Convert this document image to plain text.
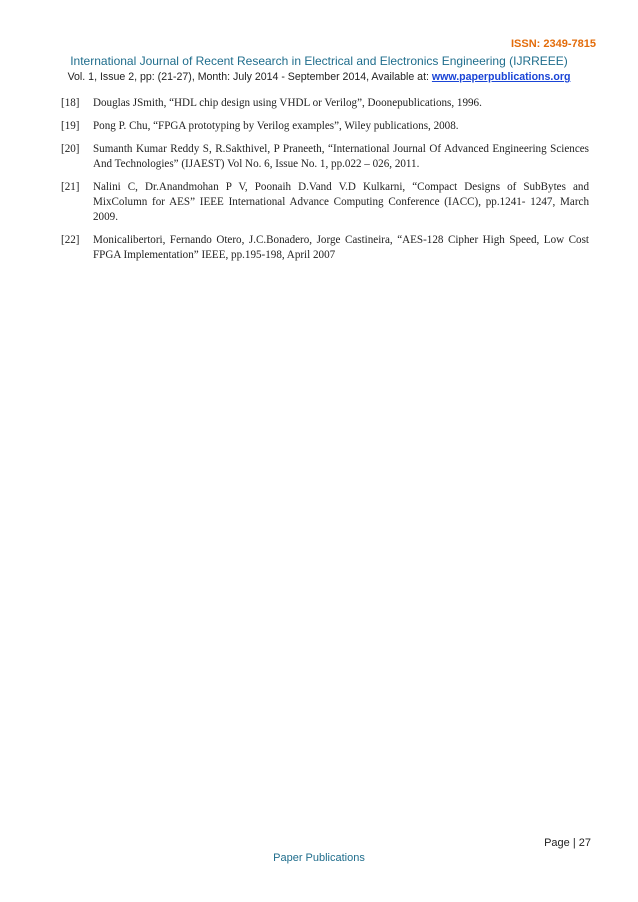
ISSN: 2349-7815
International Journal of Recent Research in Electrical and Electronics Engineering (IJRREEE)
Vol. 1, Issue 2, pp: (21-27), Month: July 2014 - September 2014, Available at: www.paperpublications.org
[18] Douglas JSmith, “HDL chip design using VHDL or Verilog”, Doonepublications, 1996.
[19] Pong P. Chu, “FPGA prototyping by Verilog examples”, Wiley publications, 2008.
[20] Sumanth Kumar Reddy S, R.Sakthivel, P Praneeth, “International Journal Of Advanced Engineering Sciences And Technologies” (IJAEST) Vol No. 6, Issue No. 1, pp.022 – 026, 2011.
[21] Nalini C, Dr.Anandmohan P V, Poonaih D.Vand V.D Kulkarni, “Compact Designs of SubBytes and MixColumn for AES” IEEE International Advance Computing Conference (IACC), pp.1241- 1247, March 2009.
[22] Monicalibertori, Fernando Otero, J.C.Bonadero, Jorge Castineira, “AES-128 Cipher High Speed, Low Cost FPGA Implementation” IEEE, pp.195-198, April 2007
Page | 27
Paper Publications
